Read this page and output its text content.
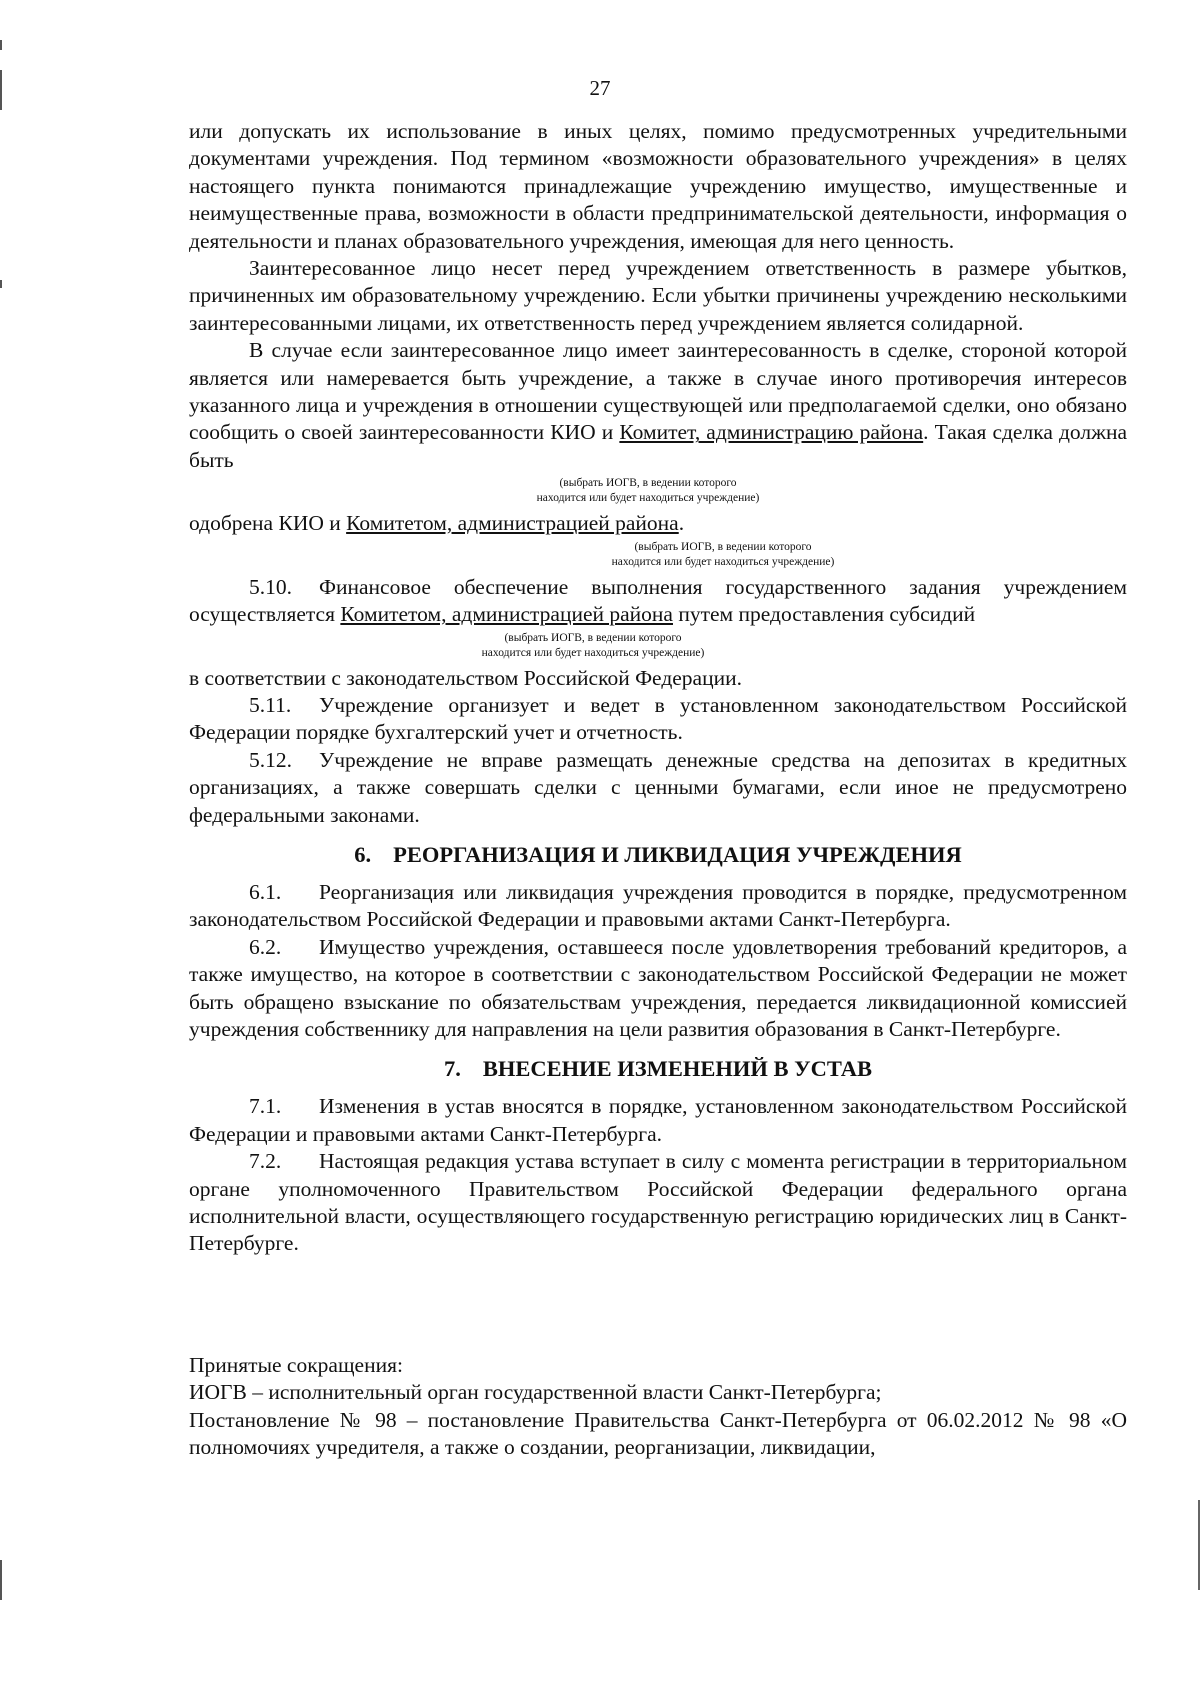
27

или допускать их использование в иных целях, помимо предусмотренных учредительными документами учреждения. Под термином «возможности образовательного учреждения» в целях настоящего пункта понимаются принадлежащие учреждению имущество, имущественные и неимущественные права, возможности в области предпринимательской деятельности, информация о деятельности и планах образовательного учреждения, имеющая для него ценность.

Заинтересованное лицо несет перед учреждением ответственность в размере убытков, причиненных им образовательному учреждению. Если убытки причинены учреждению несколькими заинтересованными лицами, их ответственность перед учреждением является солидарной.

В случае если заинтересованное лицо имеет заинтересованность в сделке, стороной которой является или намеревается быть учреждение, а также в случае иного противоречия интересов указанного лица и учреждения в отношении существующей или предполагаемой сделки, оно обязано сообщить о своей заинтересованности КИО и Комитет, администрацию района. Такая сделка должна быть

(выбрать ИОГВ, в ведении которого
находится или будет находиться учреждение)

одобрена КИО и Комитетом, администрацией района.

(выбрать ИОГВ, в ведении которого
находится или будет находиться учреждение)

5.10. Финансовое обеспечение выполнения государственного задания учреждением осуществляется Комитетом, администрацией района путем предоставления субсидий

(выбрать ИОГВ, в ведении которого
находится или будет находиться учреждение)

в соответствии с законодательством Российской Федерации.

5.11. Учреждение организует и ведет в установленном законодательством Российской Федерации порядке бухгалтерский учет и отчетность.

5.12. Учреждение не вправе размещать денежные средства на депозитах в кредитных организациях, а также совершать сделки с ценными бумагами, если иное не предусмотрено федеральными законами.

6. РЕОРГАНИЗАЦИЯ И ЛИКВИДАЦИЯ УЧРЕЖДЕНИЯ

6.1. Реорганизация или ликвидация учреждения проводится в порядке, предусмотренном законодательством Российской Федерации и правовыми актами Санкт-Петербурга.

6.2. Имущество учреждения, оставшееся после удовлетворения требований кредиторов, а также имущество, на которое в соответствии с законодательством Российской Федерации не может быть обращено взыскание по обязательствам учреждения, передается ликвидационной комиссией учреждения собственнику для направления на цели развития образования в Санкт-Петербурге.

7. ВНЕСЕНИЕ ИЗМЕНЕНИЙ В УСТАВ

7.1. Изменения в устав вносятся в порядке, установленном законодательством Российской Федерации и правовыми актами Санкт-Петербурга.

7.2. Настоящая редакция устава вступает в силу с момента регистрации в территориальном органе уполномоченного Правительством Российской Федерации федерального органа исполнительной власти, осуществляющего государственную регистрацию юридических лиц в Санкт-Петербурге.

Принятые сокращения:

ИОГВ – исполнительный орган государственной власти Санкт-Петербурга;

Постановление № 98 – постановление Правительства Санкт-Петербурга от 06.02.2012 № 98 «О полномочиях учредителя, а также о создании, реорганизации, ликвидации,
